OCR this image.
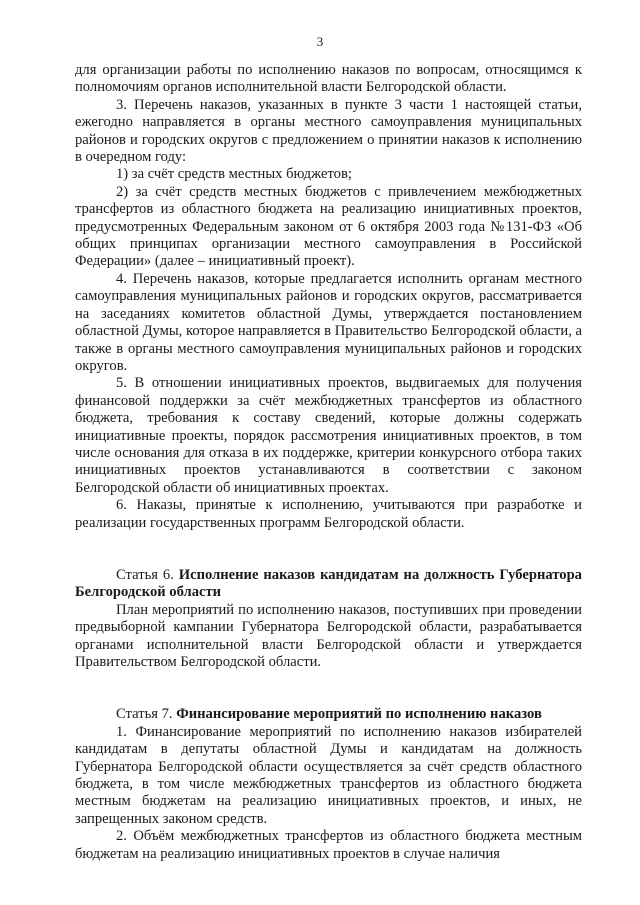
3

для организации работы по исполнению наказов по вопросам, относящимся к полномочиям органов исполнительной власти Белгородской области.

3. Перечень наказов, указанных в пункте 3 части 1 настоящей статьи, ежегодно направляется в органы местного самоуправления муниципальных районов и городских округов с предложением о принятии наказов к исполнению в очередном году:

1) за счёт средств местных бюджетов;

2) за счёт средств местных бюджетов с привлечением межбюджетных трансфертов из областного бюджета на реализацию инициативных проектов, предусмотренных Федеральным законом от 6 октября 2003 года №131-ФЗ «Об общих принципах организации местного самоуправления в Российской Федерации» (далее – инициативный проект).

4. Перечень наказов, которые предлагается исполнить органам местного самоуправления муниципальных районов и городских округов, рассматривается на заседаниях комитетов областной Думы, утверждается постановлением областной Думы, которое направляется в Правительство Белгородской области, а также в органы местного самоуправления муниципальных районов и городских округов.

5. В отношении инициативных проектов, выдвигаемых для получения финансовой поддержки за счёт межбюджетных трансфертов из областного бюджета, требования к составу сведений, которые должны содержать инициативные проекты, порядок рассмотрения инициативных проектов, в том числе основания для отказа в их поддержке, критерии конкурсного отбора таких инициативных проектов устанавливаются в соответствии с законом Белгородской области об инициативных проектах.

6. Наказы, принятые к исполнению, учитываются при разработке и реализации государственных программ Белгородской области.

Статья 6. Исполнение наказов кандидатам на должность Губернатора Белгородской области

План мероприятий по исполнению наказов, поступивших при проведении предвыборной кампании Губернатора Белгородской области, разрабатывается органами исполнительной власти Белгородской области и утверждается Правительством Белгородской области.

Статья 7. Финансирование мероприятий по исполнению наказов

1. Финансирование мероприятий по исполнению наказов избирателей кандидатам в депутаты областной Думы и кандидатам на должность Губернатора Белгородской области осуществляется за счёт средств областного бюджета, в том числе межбюджетных трансфертов из областного бюджета местным бюджетам на реализацию инициативных проектов, и иных, не запрещенных законом средств.

2. Объём межбюджетных трансфертов из областного бюджета местным бюджетам на реализацию инициативных проектов в случае наличия
